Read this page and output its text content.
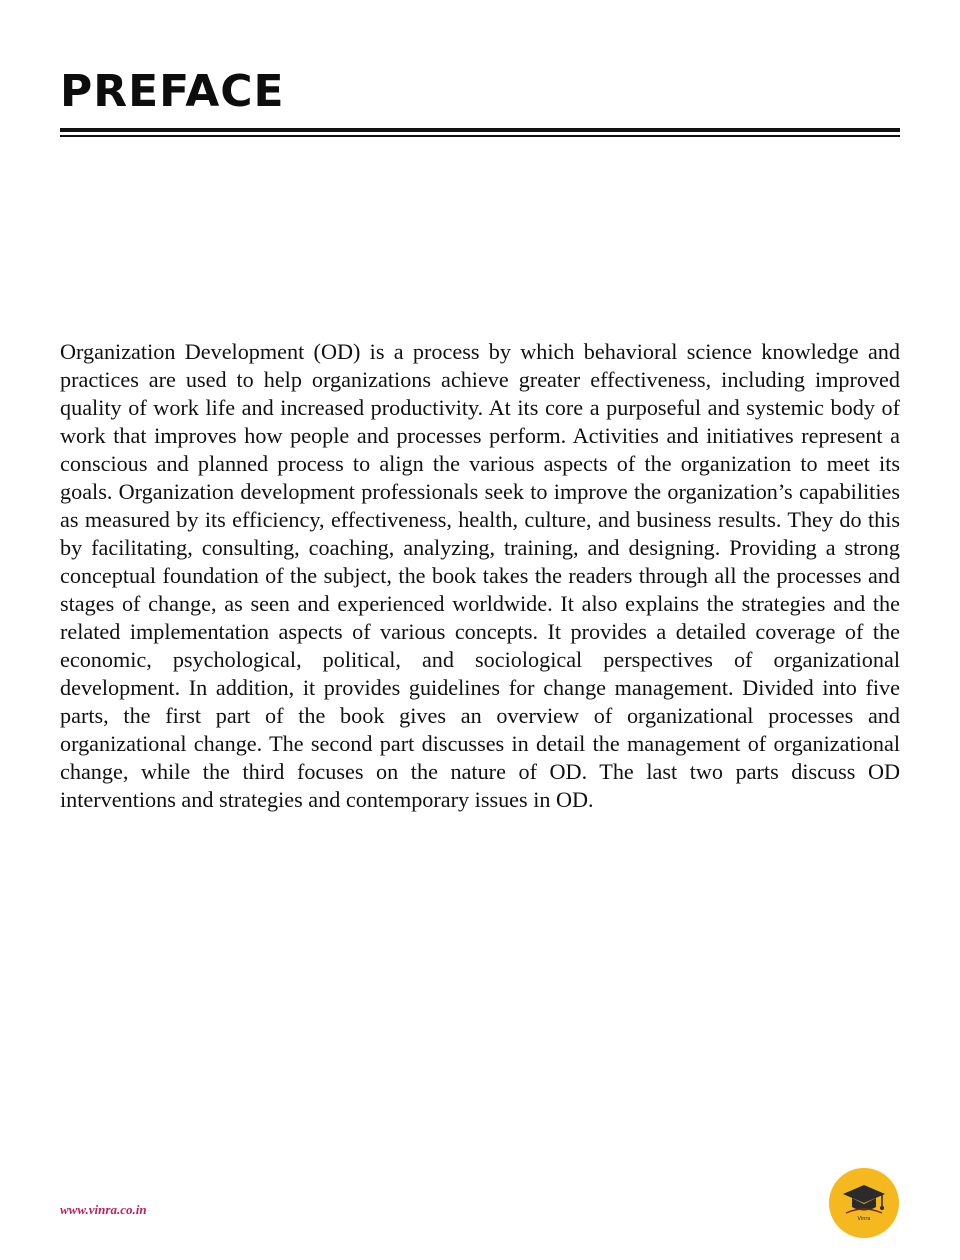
PREFACE

Organization Development (OD) is a process by which behavioral science knowledge and practices are used to help organizations achieve greater effectiveness, including improved quality of work life and increased productivity. At its core a purposeful and systemic body of work that improves how people and processes perform. Activities and initiatives represent a conscious and planned process to align the various aspects of the organization to meet its goals. Organization development professionals seek to improve the organization’s capabilities as measured by its efficiency, effectiveness, health, culture, and business results. They do this by facilitating, consulting, coaching, analyzing, training, and designing. Providing a strong conceptual foundation of the subject, the book takes the readers through all the processes and stages of change, as seen and experienced worldwide. It also explains the strategies and the related implementation aspects of various concepts. It provides a detailed coverage of the economic, psychological, political, and sociological perspectives of organizational development. In addition, it provides guidelines for change management. Divided into five parts, the first part of the book gives an overview of organizational processes and organizational change. The second part discusses in detail the management of organizational change, while the third focuses on the nature of OD. The last two parts discuss OD interventions and strategies and contemporary issues in OD.

www.vinra.co.in
Vinra
